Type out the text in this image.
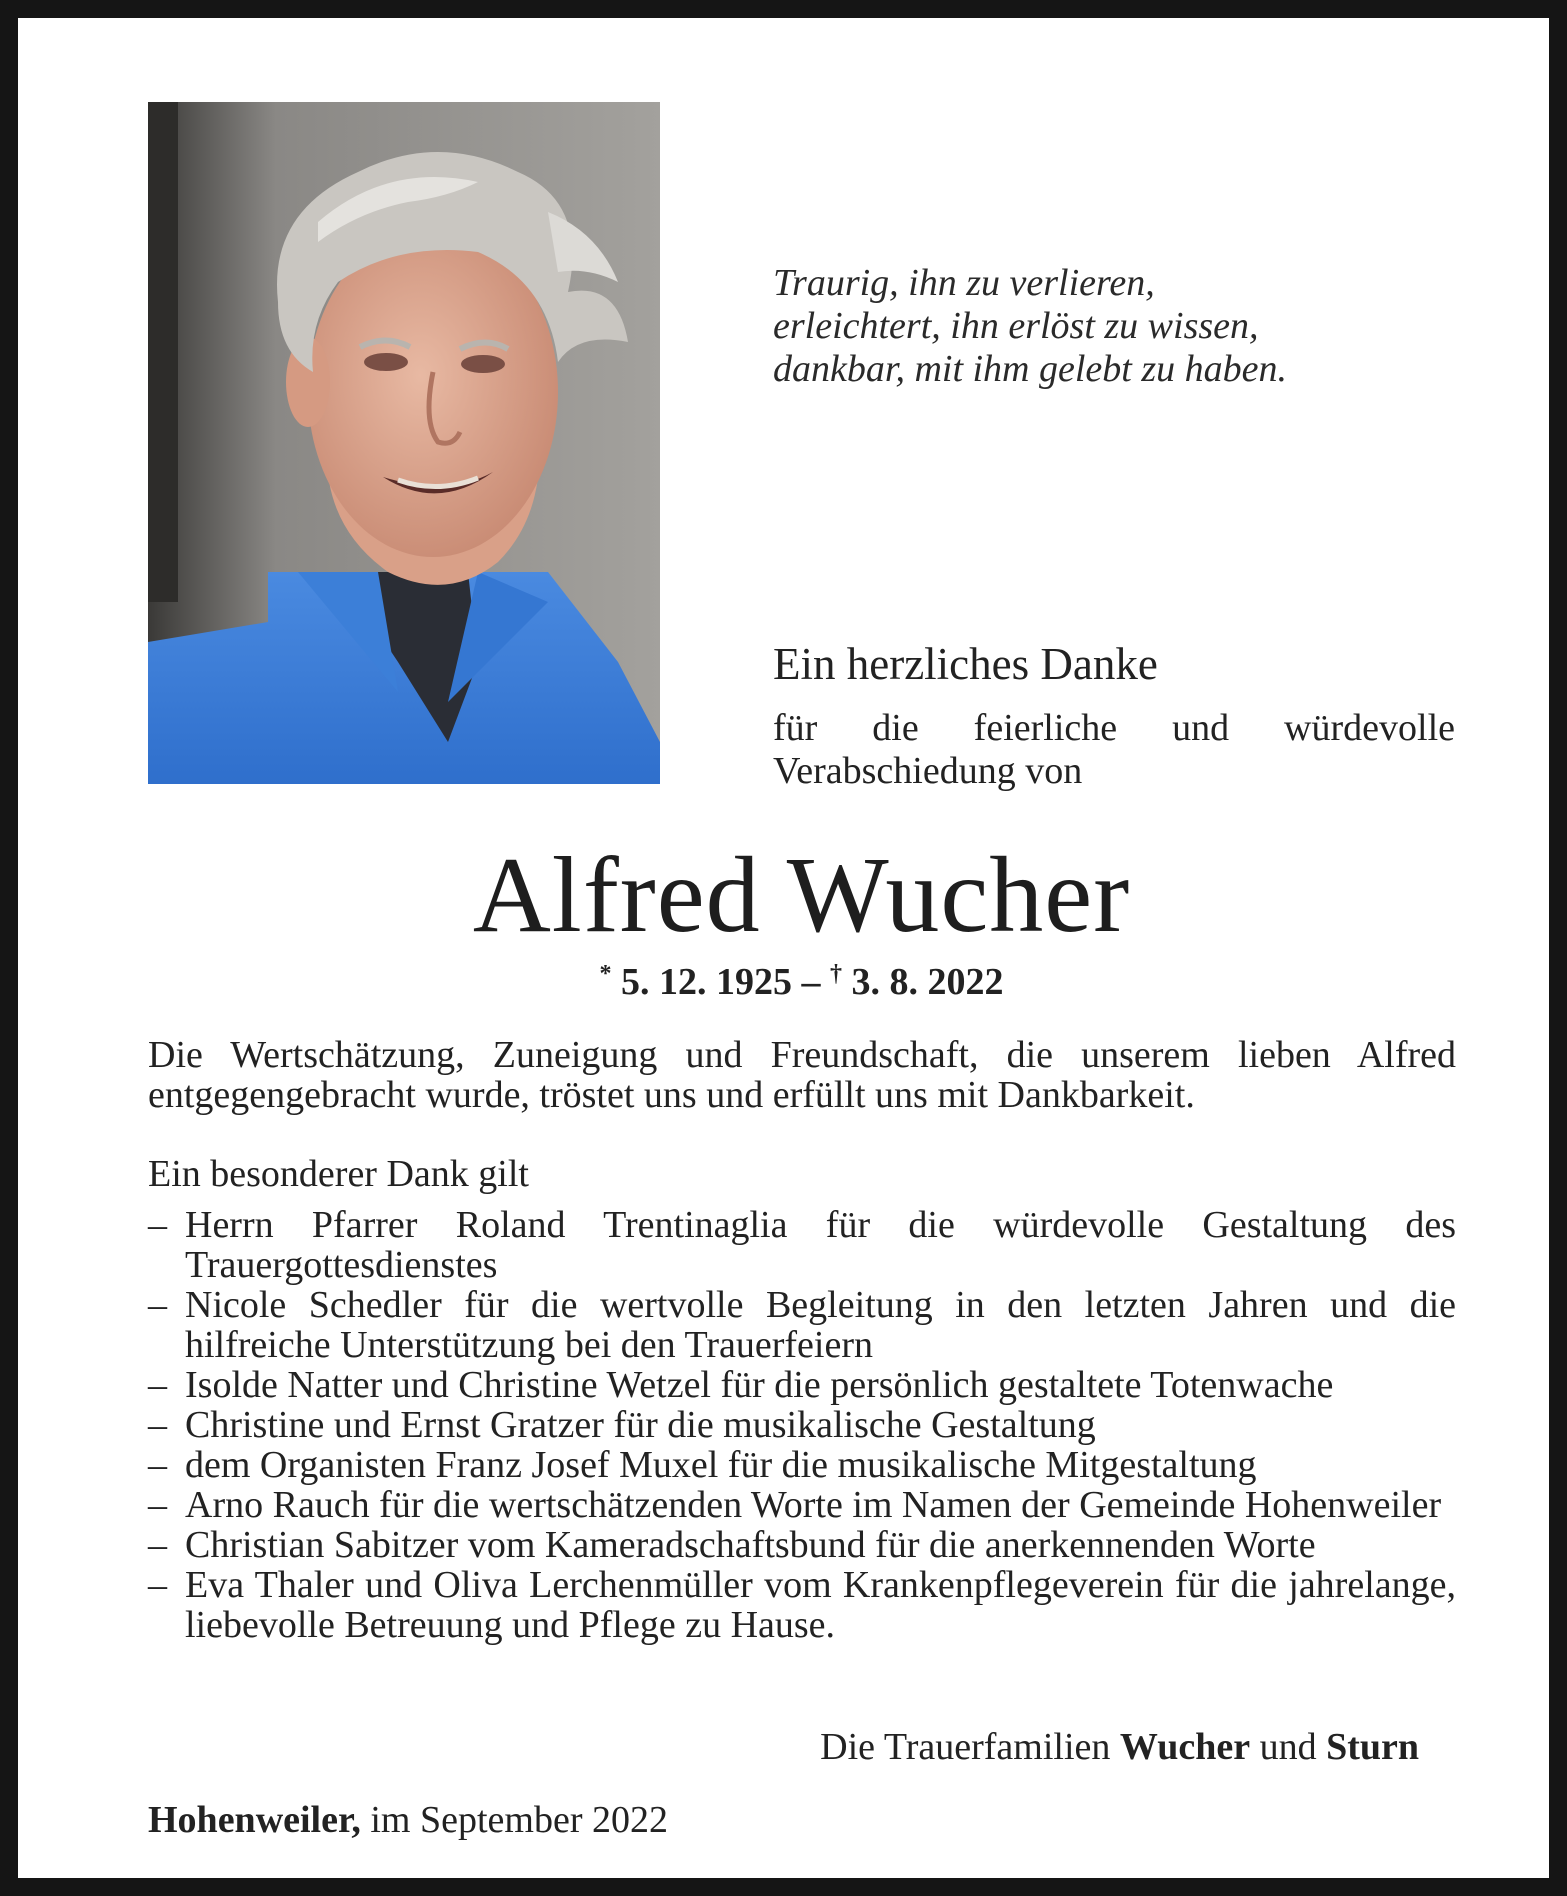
Traurig, ihn zu verlieren,
erleichtert, ihn erlöst zu wissen,
dankbar, mit ihm gelebt zu haben.
Ein herzliches Danke
für die feierliche und würdevolle Verabschiedung von
Alfred Wucher
* 5. 12. 1925 – † 3. 8. 2022
Die Wertschätzung, Zuneigung und Freundschaft, die unserem lieben Alfred entgegengebracht wurde, tröstet uns und erfüllt uns mit Dankbarkeit.
Ein besonderer Dank gilt
– Herrn Pfarrer Roland Trentinaglia für die würdevolle Gestaltung des Trauergottesdienstes
– Nicole Schedler für die wertvolle Begleitung in den letzten Jahren und die hilfreiche Unterstützung bei den Trauerfeiern
– Isolde Natter und Christine Wetzel für die persönlich gestaltete Totenwache
– Christine und Ernst Gratzer für die musikalische Gestaltung
– dem Organisten Franz Josef Muxel für die musikalische Mitgestaltung
– Arno Rauch für die wertschätzenden Worte im Namen der Gemeinde Hohenweiler
– Christian Sabitzer vom Kameradschaftsbund für die anerkennenden Worte
– Eva Thaler und Oliva Lerchenmüller vom Krankenpflegeverein für die jahrelange, liebevolle Betreuung und Pflege zu Hause.
Die Trauerfamilien Wucher und Sturn
Hohenweiler, im September 2022
